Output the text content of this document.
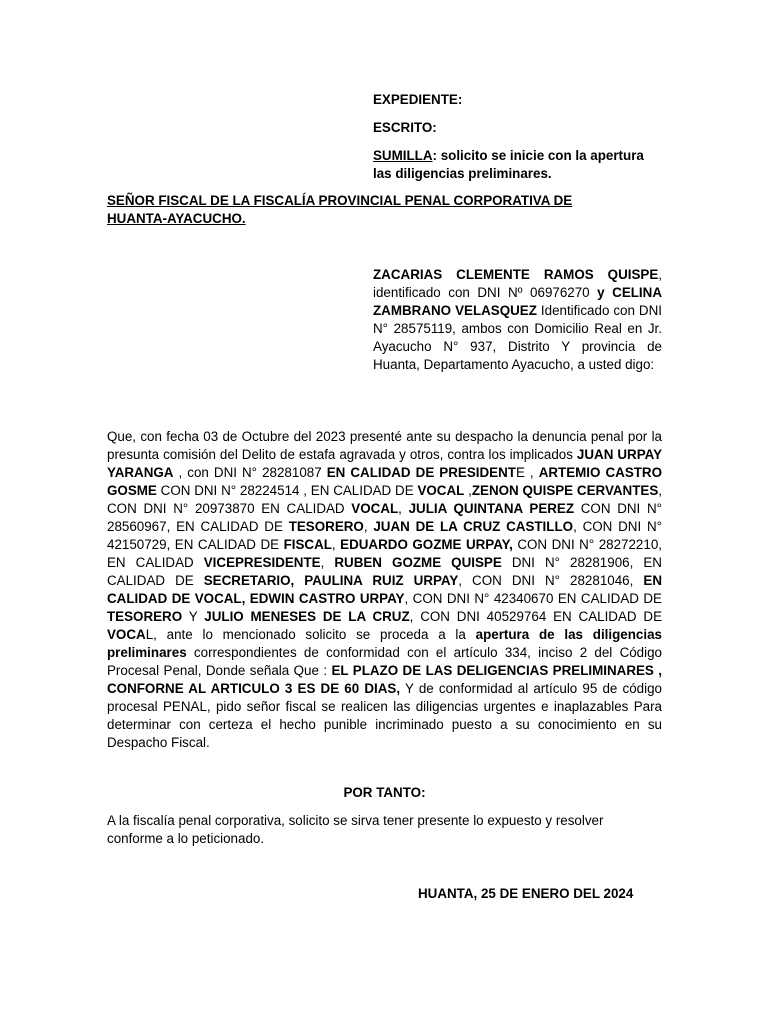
EXPEDIENTE:
ESCRITO:
SUMILLA: solicito se inicie con la apertura las diligencias preliminares.
SEÑOR FISCAL DE LA FISCALÍA PROVINCIAL PENAL CORPORATIVA DE HUANTA-AYACUCHO.
ZACARIAS CLEMENTE RAMOS QUISPE, identificado con DNI Nº 06976270 y CELINA ZAMBRANO VELASQUEZ Identificado con DNI N° 28575119, ambos con Domicilio Real en Jr. Ayacucho N° 937, Distrito Y provincia de Huanta, Departamento Ayacucho, a usted digo:
Que, con fecha 03 de Octubre del 2023 presenté ante su despacho la denuncia penal por la presunta comisión del Delito de estafa agravada y otros, contra los implicados JUAN URPAY YARANGA , con DNI N° 28281087 EN CALIDAD DE PRESIDENTE , ARTEMIO CASTRO GOSME CON DNI N° 28224514 , EN CALIDAD DE VOCAL ,ZENON QUISPE CERVANTES, CON DNI N° 20973870 EN CALIDAD VOCAL, JULIA QUINTANA PEREZ CON DNI N° 28560967, EN CALIDAD DE TESORERO, JUAN DE LA CRUZ CASTILLO, CON DNI N° 42150729, EN CALIDAD DE FISCAL, EDUARDO GOZME URPAY, CON DNI N° 28272210, EN CALIDAD VICEPRESIDENTE, RUBEN GOZME QUISPE DNI N° 28281906, EN CALIDAD DE SECRETARIO, PAULINA RUIZ URPAY, CON DNI N° 28281046, EN CALIDAD DE VOCAL, EDWIN CASTRO URPAY, CON DNI N° 42340670 EN CALIDAD DE TESORERO Y JULIO MENESES DE LA CRUZ, CON DNI 40529764 EN CALIDAD DE VOCAL, ante lo mencionado solicito se proceda a la apertura de las diligencias preliminares correspondientes de conformidad con el artículo 334, inciso 2 del Código Procesal Penal, Donde señala Que : EL PLAZO DE LAS DELIGENCIAS PRELIMINARES , CONFORNE AL ARTICULO 3 ES DE 60 DIAS, Y de conformidad al artículo 95 de código procesal PENAL, pido señor fiscal se realicen las diligencias urgentes e inaplazables Para determinar con certeza el hecho punible incriminado puesto a su conocimiento en su Despacho Fiscal.
POR TANTO:
A la fiscalía penal corporativa, solicito se sirva tener presente lo expuesto y resolver conforme a lo peticionado.
HUANTA, 25 DE ENERO DEL 2024
